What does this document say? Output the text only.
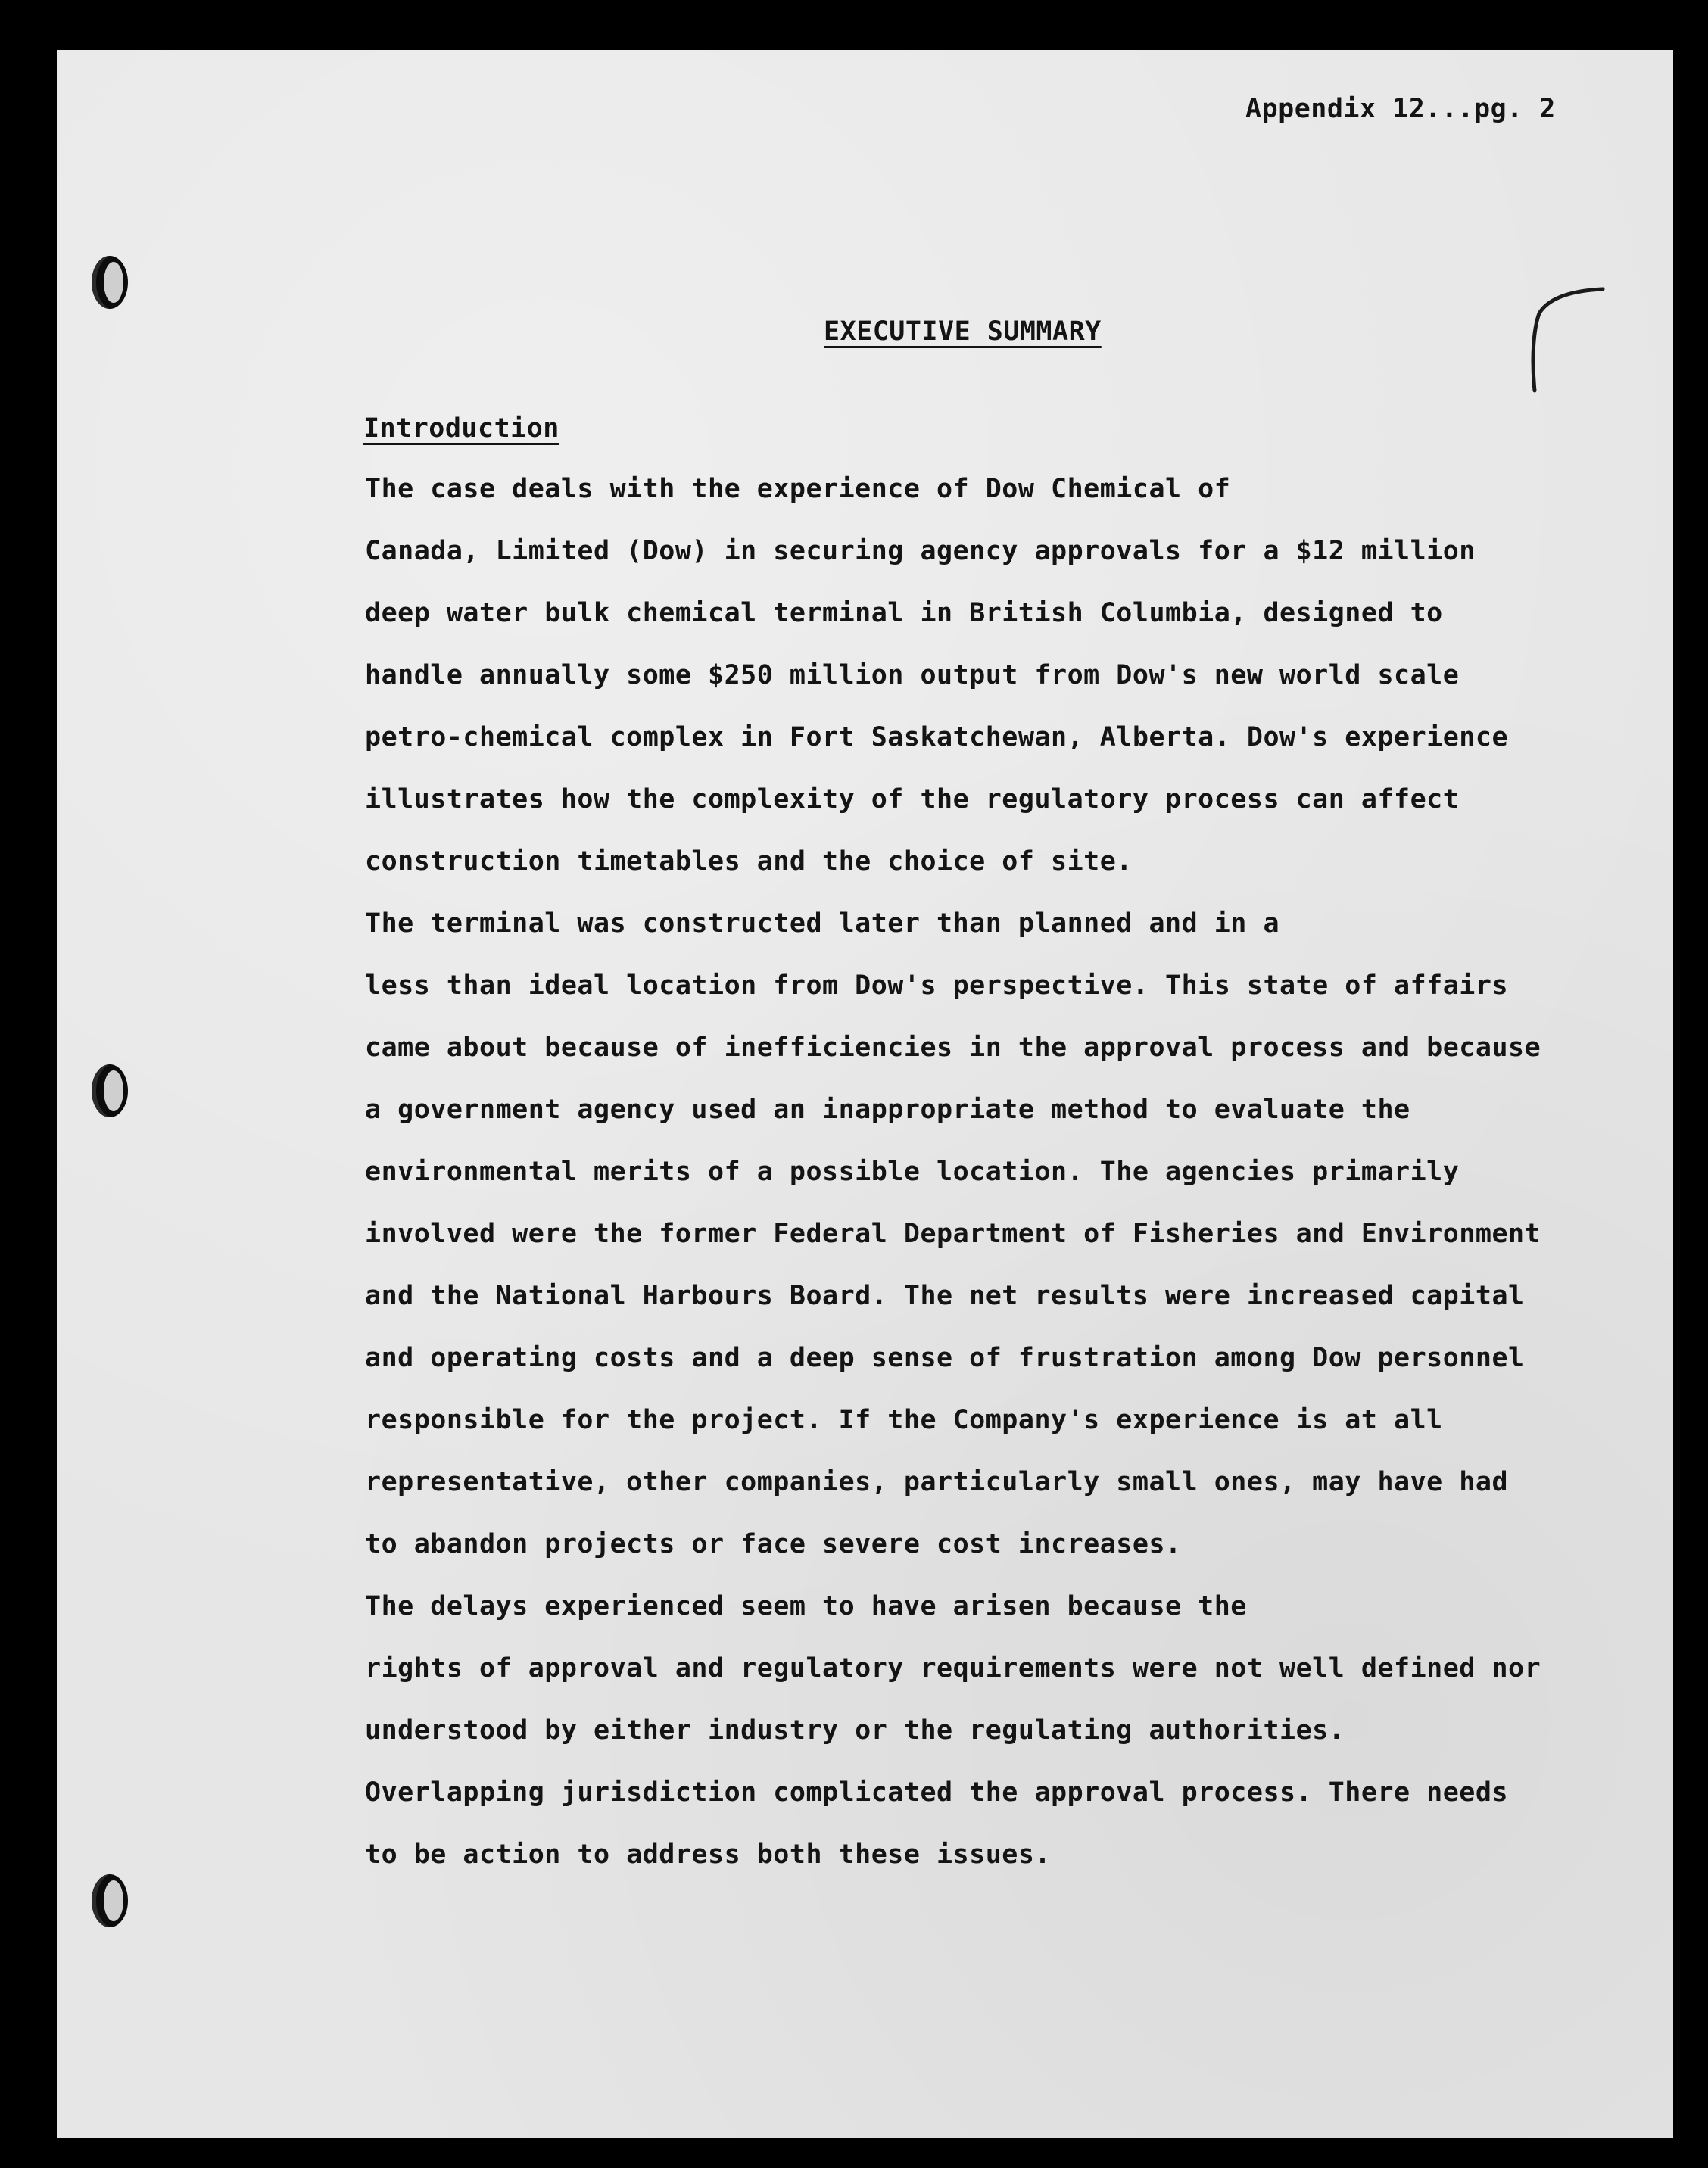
Appendix 12...pg. 2
EXECUTIVE SUMMARY
Introduction
The case deals with the experience of Dow Chemical of
Canada, Limited (Dow) in securing agency approvals for a $12 million
deep water bulk chemical terminal in British Columbia, designed to
handle annually some $250 million output from Dow's new world scale
petro-chemical complex in Fort Saskatchewan, Alberta. Dow's experience
illustrates how the complexity of the regulatory process can affect
construction timetables and the choice of site.
The terminal was constructed later than planned and in a
less than ideal location from Dow's perspective. This state of affairs
came about because of inefficiencies in the approval process and because
a government agency used an inappropriate method to evaluate the
environmental merits of a possible location. The agencies primarily
involved were the former Federal Department of Fisheries and Environment
and the National Harbours Board. The net results were increased capital
and operating costs and a deep sense of frustration among Dow personnel
responsible for the project. If the Company's experience is at all
representative, other companies, particularly small ones, may have had
to abandon projects or face severe cost increases.
The delays experienced seem to have arisen because the
rights of approval and regulatory requirements were not well defined nor
understood by either industry or the regulating authorities.
Overlapping jurisdiction complicated the approval process. There needs
to be action to address both these issues.
